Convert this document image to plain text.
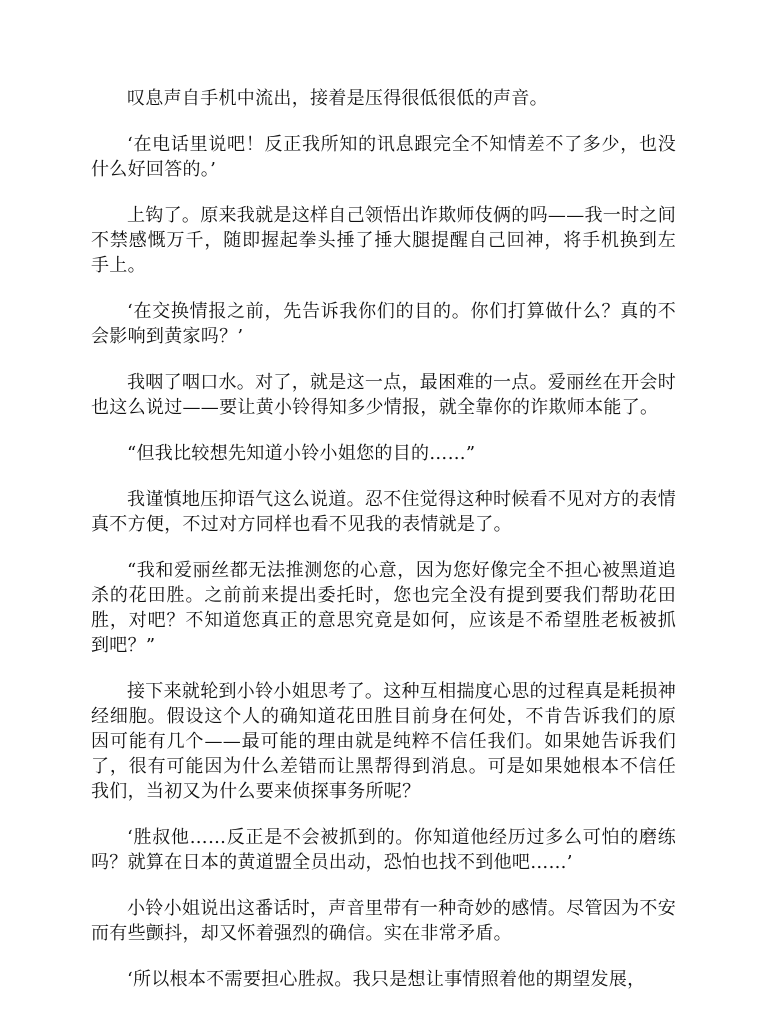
叹息声自手机中流出，接着是压得很低很低的声音。

‘在电话里说吧！反正我所知的讯息跟完全不知情差不了多少，也没什么好回答的。’

上钩了。原来我就是这样自己领悟出诈欺师伎俩的吗——我一时之间不禁感慨万千，随即握起拳头捶了捶大腿提醒自己回神，将手机换到左手上。

‘在交换情报之前，先告诉我你们的目的。你们打算做什么？真的不会影响到黄家吗？’

我咽了咽口水。对了，就是这一点，最困难的一点。爱丽丝在开会时也这么说过——要让黄小铃得知多少情报，就全靠你的诈欺师本能了。

“但我比较想先知道小铃小姐您的目的……”

我谨慎地压抑语气这么说道。忍不住觉得这种时候看不见对方的表情真不方便，不过对方同样也看不见我的表情就是了。

“我和爱丽丝都无法推测您的心意，因为您好像完全不担心被黑道追杀的花田胜。之前前来提出委托时，您也完全没有提到要我们帮助花田胜，对吧？不知道您真正的意思究竟是如何，应该是不希望胜老板被抓到吧？”

接下来就轮到小铃小姐思考了。这种互相揣度心思的过程真是耗损神经细胞。假设这个人的确知道花田胜目前身在何处，不肯告诉我们的原因可能有几个——最可能的理由就是纯粹不信任我们。如果她告诉我们了，很有可能因为什么差错而让黑帮得到消息。可是如果她根本不信任我们，当初又为什么要来侦探事务所呢？

‘胜叔他……反正是不会被抓到的。你知道他经历过多么可怕的磨练吗？就算在日本的黄道盟全员出动，恐怕也找不到他吧……’

小铃小姐说出这番话时，声音里带有一种奇妙的感情。尽管因为不安而有些颤抖，却又怀着强烈的确信。实在非常矛盾。

‘所以根本不需要担心胜叔。我只是想让事情照着他的期望发展，
